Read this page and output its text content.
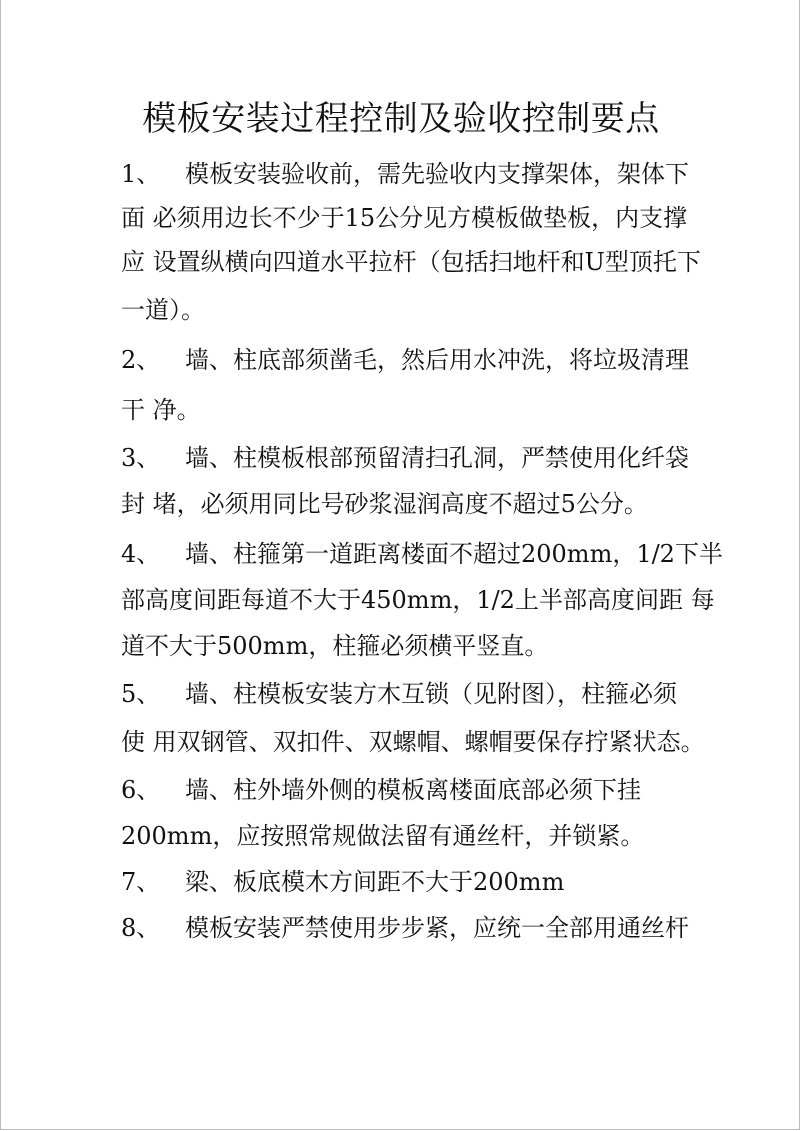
模板安装过程控制及验收控制要点
1、 模板安装验收前，需先验收内支撑架体，架体下
面 必须用边长不少于15公分见方模板做垫板，内支撑
应 设置纵横向四道水平拉杆（包括扫地杆和U型顶托下
一道）。
2、 墙、柱底部须凿毛，然后用水冲洗，将垃圾清理
干 净。
3、 墙、柱模板根部预留清扫孔洞，严禁使用化纤袋
封 堵，必须用同比号砂浆湿润高度不超过5公分。
4、 墙、柱箍第一道距离楼面不超过200mm，1/2下半
部高度间距每道不大于450mm，1/2上半部高度间距 每
道不大于500mm，柱箍必须横平竖直。
5、 墙、柱模板安装方木互锁（见附图），柱箍必须
使 用双钢管、双扣件、双螺帽、螺帽要保存拧紧状态。
6、 墙、柱外墙外侧的模板离楼面底部必须下挂
200mm，应按照常规做法留有通丝杆，并锁紧。
7、 梁、板底模木方间距不大于200mm
8、 模板安装严禁使用步步紧，应统一全部用通丝杆
